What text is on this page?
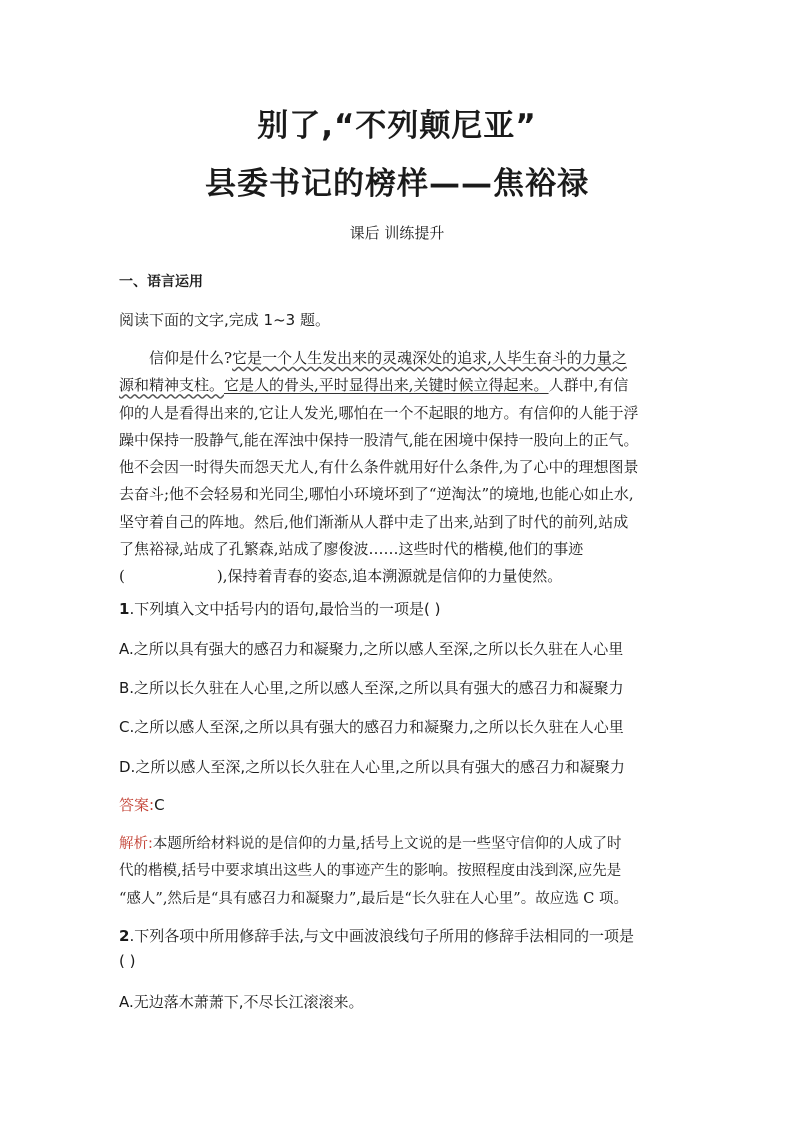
别了,“不列颠尼亚”
县委书记的榜样——焦裕禄
课后 训练提升
一、语言运用
阅读下面的文字,完成 1~3 题。
　　信仰是什么?它是一个人生发出来的灵魂深处的追求,人毕生奋斗的力量之
源和精神支柱。它是人的骨头,平时显得出来,关键时候立得起来。人群中,有信
仰的人是看得出来的,它让人发光,哪怕在一个不起眼的地方。有信仰的人能于浮
躁中保持一股静气,能在浑浊中保持一股清气,能在困境中保持一股向上的正气。
他不会因一时得失而怨天尤人,有什么条件就用好什么条件,为了心中的理想图景
去奋斗;他不会轻易和光同尘,哪怕小环境坏到了“逆淘汰”的境地,也能心如止水,
坚守着自己的阵地。然后,他们渐渐从人群中走了出来,站到了时代的前列,站成
了焦裕禄,站成了孔繁森,站成了廖俊波……这些时代的楷模,他们的事迹
(	),保持着青春的姿态,追本溯源就是信仰的力量使然。
1.下列填入文中括号内的语句,最恰当的一项是( )
A.之所以具有强大的感召力和凝聚力,之所以感人至深,之所以长久驻在人心里
B.之所以长久驻在人心里,之所以感人至深,之所以具有强大的感召力和凝聚力
C.之所以感人至深,之所以具有强大的感召力和凝聚力,之所以长久驻在人心里
D.之所以感人至深,之所以长久驻在人心里,之所以具有强大的感召力和凝聚力
答案:C
解析:本题所给材料说的是信仰的力量,括号上文说的是一些坚守信仰的人成了时
代的楷模,括号中要求填出这些人的事迹产生的影响。按照程度由浅到深,应先是
“感人”,然后是“具有感召力和凝聚力”,最后是“长久驻在人心里”。故应选 C 项。
2.下列各项中所用修辞手法,与文中画波浪线句子所用的修辞手法相同的一项是
( )
A.无边落木萧萧下,不尽长江滚滚来。
